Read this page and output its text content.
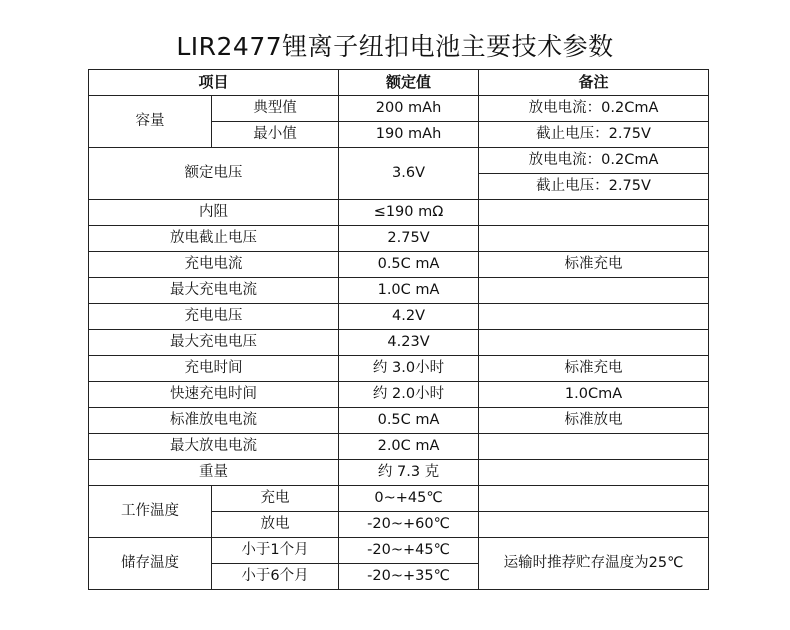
LIR2477锂离子纽扣电池主要技术参数
项目		额定值	备注
容量	典型值	200 mAh	放电电流：0.2CmA
	最小值	190 mAh	截止电压：2.75V
额定电压		3.6V	放电电流：0.2CmA
			截止电压：2.75V
内阻		≤190 mΩ	
放电截止电压		2.75V	
充电电流		0.5C mA	标准充电
最大充电电流		1.0C mA	
充电电压		4.2V	
最大充电电压		4.23V	
充电时间		约 3.0小时	标准充电
快速充电时间		约 2.0小时	1.0CmA
标准放电电流		0.5C mA	标准放电
最大放电电流		2.0C mA	
重量		约 7.3 克	
工作温度	充电	0~+45℃	
	放电	-20~+60℃	
储存温度	小于1个月	-20~+45℃	运输时推荐贮存温度为25℃
	小于6个月	-20~+35℃	
